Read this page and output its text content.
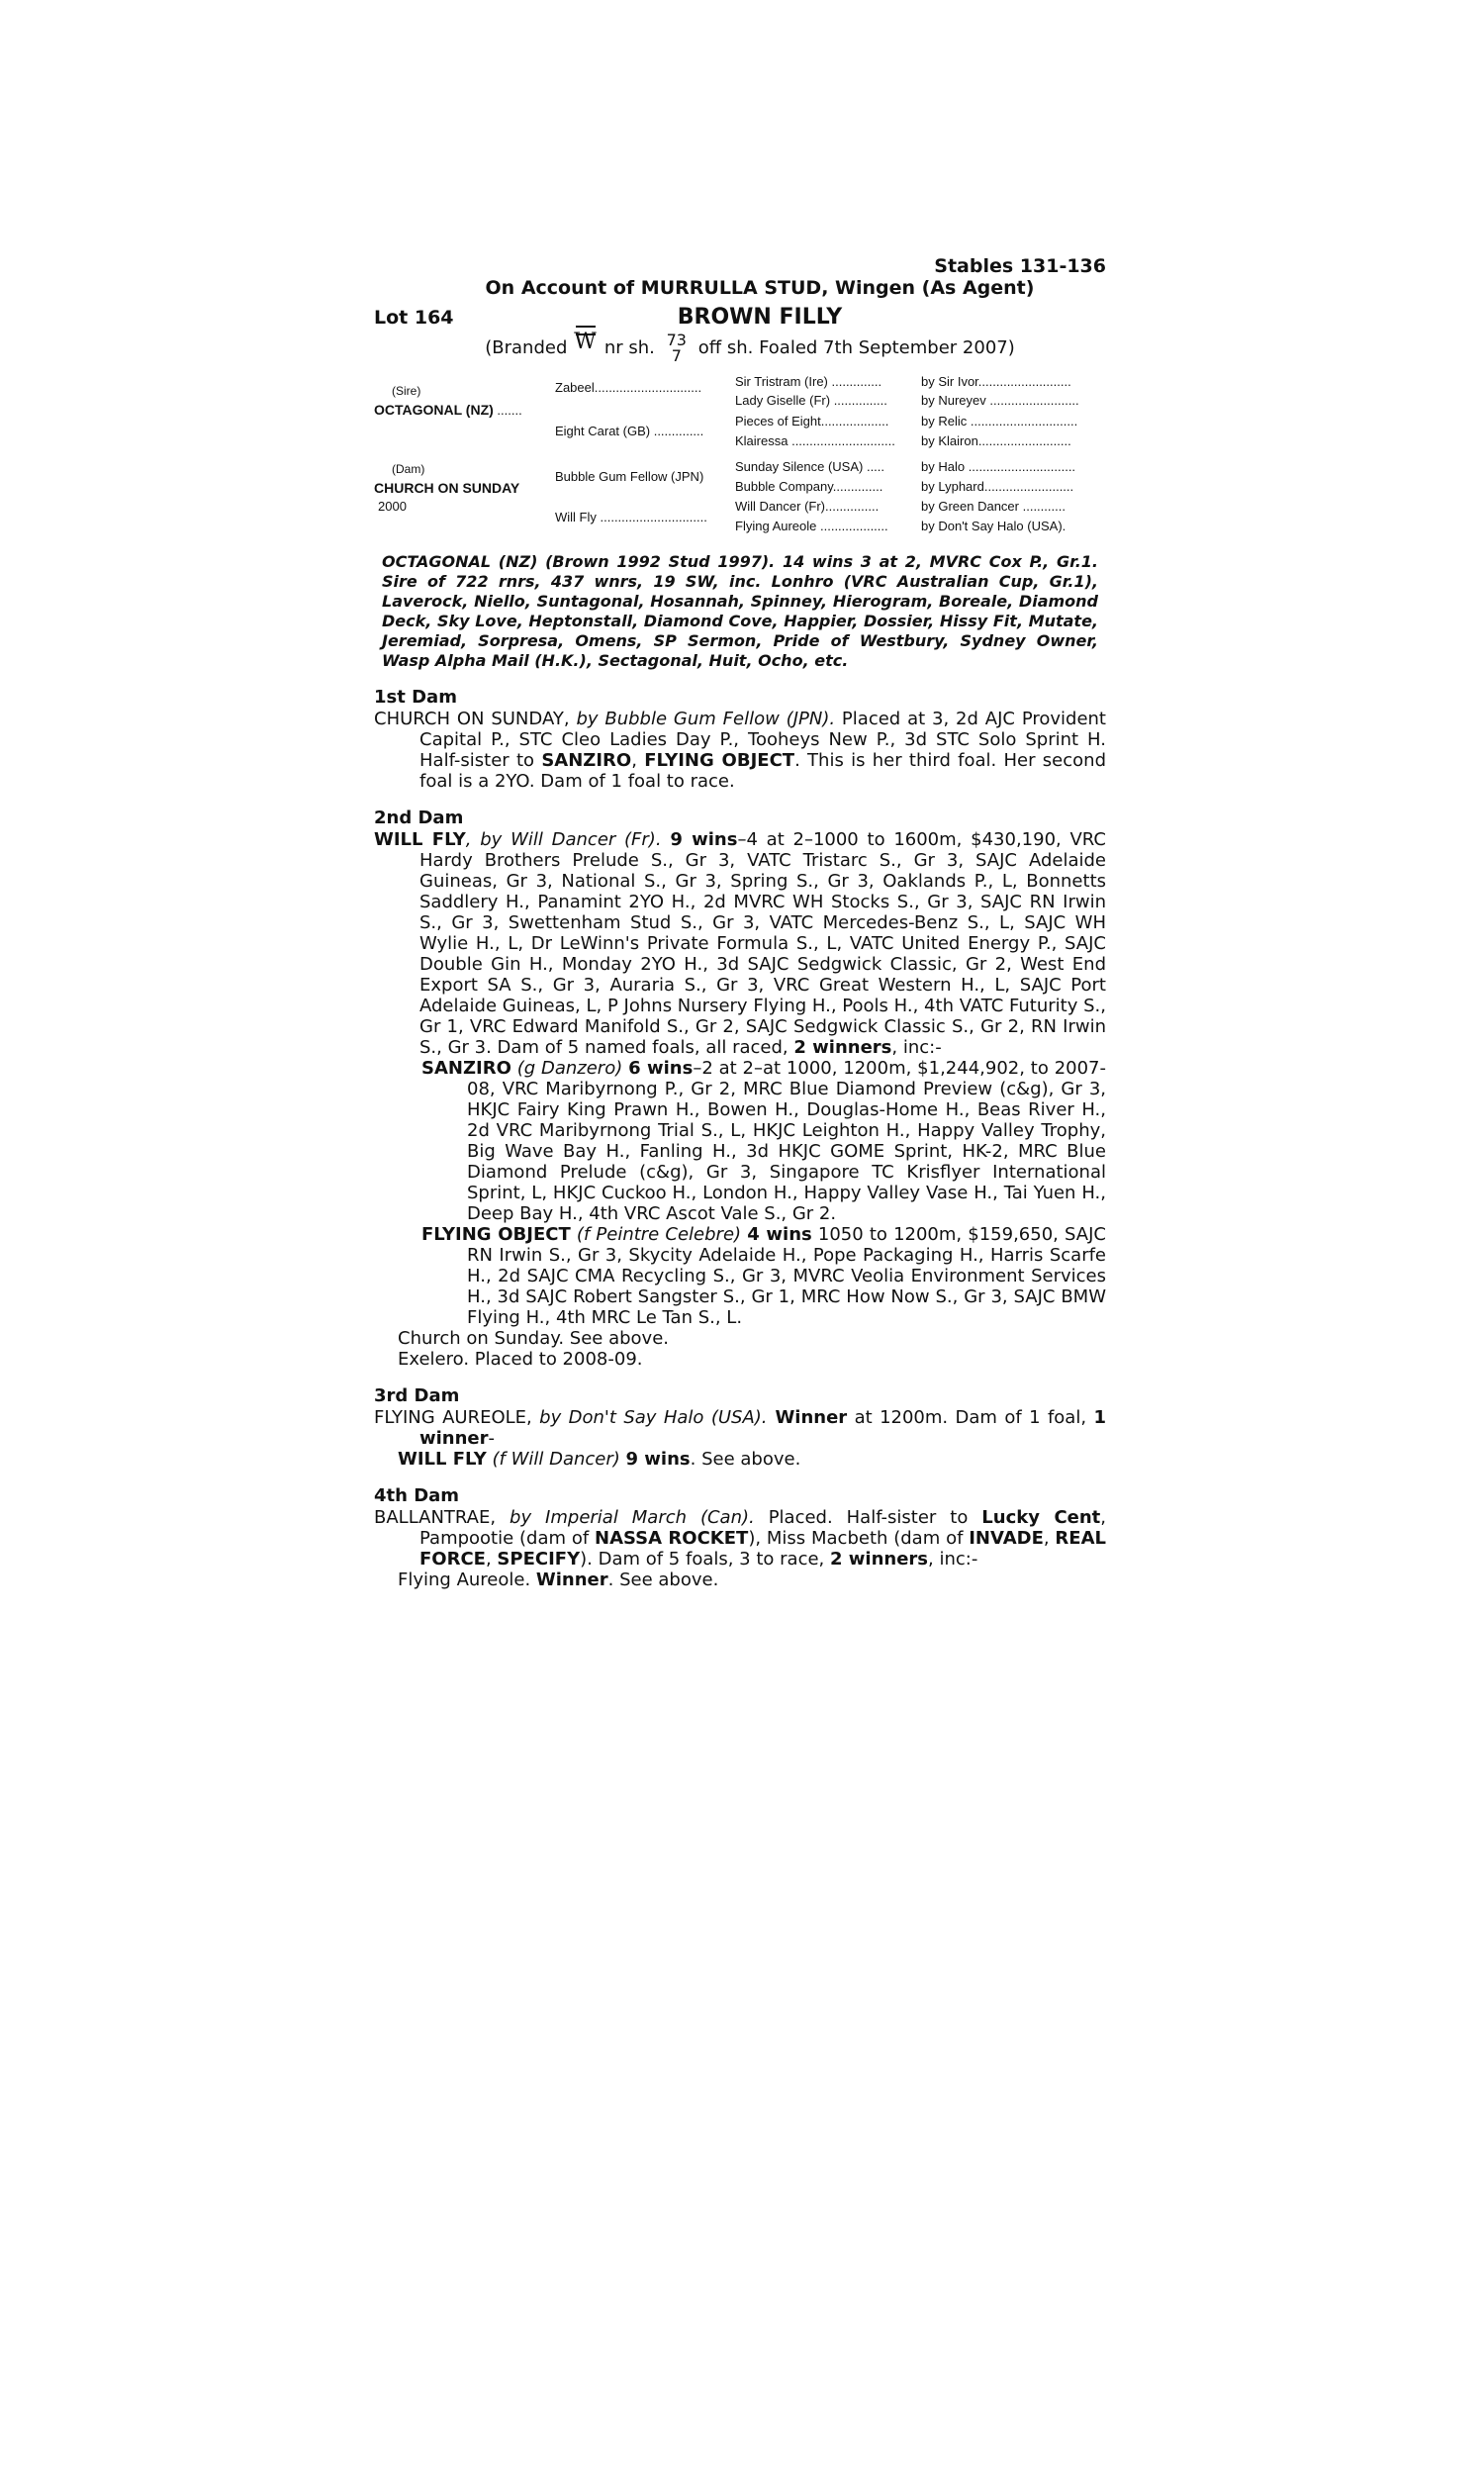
Stables 131-136
On Account of MURRULLA STUD, Wingen (As Agent)
Lot 164	BROWN FILLY
(Branded W nr sh. 73
7 off sh. Foaled 7th September 2007)
(Sire)
OCTAGONAL (NZ) .......
(Dam)
CHURCH ON SUNDAY
2000
Zabeel..............................
Eight Carat (GB) ..............
Bubble Gum Fellow (JPN)
Will Fly ..............................
Sir Tristram (Ire) ..............
Lady Giselle (Fr) ...............
Pieces of Eight...................
Klairessa .............................
Sunday Silence (USA) .....
Bubble Company..............
Will Dancer (Fr)...............
Flying Aureole ...................
by Sir Ivor..........................
by Nureyev .........................
by Relic ..............................
by Klairon..........................
by Halo ..............................
by Lyphard.........................
by Green Dancer ............
by Don't Say Halo (USA).
OCTAGONAL (NZ) (Brown 1992 Stud 1997). 14 wins 3 at 2, MVRC Cox P., Gr.1. Sire of 722 rnrs, 437 wnrs, 19 SW, inc. Lonhro (VRC Australian Cup, Gr.1), Laverock, Niello, Suntagonal, Hosannah, Spinney, Hierogram, Boreale, Diamond Deck, Sky Love, Heptonstall, Diamond Cove, Happier, Dossier, Hissy Fit, Mutate, Jeremiad, Sorpresa, Omens, SP Sermon, Pride of Westbury, Sydney Owner, Wasp Alpha Mail (H.K.), Sectagonal, Huit, Ocho, etc.
1st Dam

CHURCH ON SUNDAY, by Bubble Gum Fellow (JPN). Placed at 3, 2d AJC Provident Capital P., STC Cleo Ladies Day P., Tooheys New P., 3d STC Solo Sprint H. Half-sister to SANZIRO, FLYING OBJECT. This is her third foal. Her second foal is a 2YO. Dam of 1 foal to race.

2nd Dam

WILL FLY, by Will Dancer (Fr). 9 wins–4 at 2–1000 to 1600m, $430,190, VRC Hardy Brothers Prelude S., Gr 3, VATC Tristarc S., Gr 3, SAJC Adelaide Guineas, Gr 3, National S., Gr 3, Spring S., Gr 3, Oaklands P., L, Bonnetts Saddlery H., Panamint 2YO H., 2d MVRC WH Stocks S., Gr 3, SAJC RN Irwin S., Gr 3, Swettenham Stud S., Gr 3, VATC Mercedes-Benz S., L, SAJC WH Wylie H., L, Dr LeWinn's Private Formula S., L, VATC United Energy P., SAJC Double Gin H., Monday 2YO H., 3d SAJC Sedgwick Classic, Gr 2, West End Export SA S., Gr 3, Auraria S., Gr 3, VRC Great Western H., L, SAJC Port Adelaide Guineas, L, P Johns Nursery Flying H., Pools H., 4th VATC Futurity S., Gr 1, VRC Edward Manifold S., Gr 2, SAJC Sedgwick Classic S., Gr 2, RN Irwin S., Gr 3. Dam of 5 named foals, all raced, 2 winners, inc:-

SANZIRO (g Danzero) 6 wins–2 at 2–at 1000, 1200m, $1,244,902, to 2007-08, VRC Maribyrnong P., Gr 2, MRC Blue Diamond Preview (c&g), Gr 3, HKJC Fairy King Prawn H., Bowen H., Douglas-Home H., Beas River H., 2d VRC Maribyrnong Trial S., L, HKJC Leighton H., Happy Valley Trophy, Big Wave Bay H., Fanling H., 3d HKJC GOME Sprint, HK-2, MRC Blue Diamond Prelude (c&g), Gr 3, Singapore TC Krisflyer International Sprint, L, HKJC Cuckoo H., London H., Happy Valley Vase H., Tai Yuen H., Deep Bay H., 4th VRC Ascot Vale S., Gr 2.

FLYING OBJECT (f Peintre Celebre) 4 wins 1050 to 1200m, $159,650, SAJC RN Irwin S., Gr 3, Skycity Adelaide H., Pope Packaging H., Harris Scarfe H., 2d SAJC CMA Recycling S., Gr 3, MVRC Veolia Environment Services H., 3d SAJC Robert Sangster S., Gr 1, MRC How Now S., Gr 3, SAJC BMW Flying H., 4th MRC Le Tan S., L.

Church on Sunday. See above.

Exelero. Placed to 2008-09.

3rd Dam

FLYING AUREOLE, by Don't Say Halo (USA). Winner at 1200m. Dam of 1 foal, 1 winner-

WILL FLY (f Will Dancer) 9 wins. See above.

4th Dam

BALLANTRAE, by Imperial March (Can). Placed. Half-sister to Lucky Cent, Pampootie (dam of NASSA ROCKET), Miss Macbeth (dam of INVADE, REAL FORCE, SPECIFY). Dam of 5 foals, 3 to race, 2 winners, inc:-

Flying Aureole. Winner. See above.
